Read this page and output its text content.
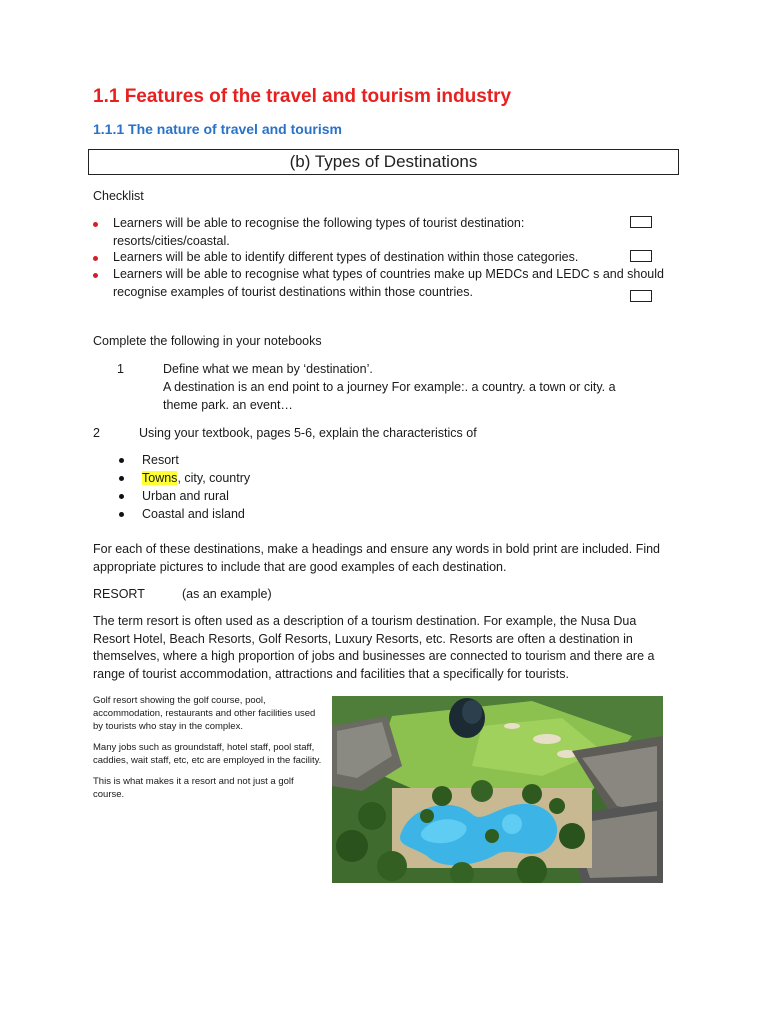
1.1 Features of the travel and tourism industry
1.1.1 The nature of travel and tourism
(b) Types of Destinations
Checklist
Learners will be able to recognise the following types of tourist destination: resorts/cities/coastal.
Learners will be able to identify different types of destination within those categories.
Learners will be able to recognise what types of countries make up MEDCs and LEDC s and should recognise examples of tourist destinations within those countries.
Complete the following in your notebooks
1	Define what we mean by ‘destination’.
A destination is an end point to a journey For example:. a country. a town or city. a theme park. an event…
2	Using your textbook, pages 5-6, explain the characteristics of
Resort
Towns, city, country
Urban and rural
Coastal and island
For each of these destinations, make a headings and ensure any words in bold print are included. Find appropriate pictures to include that are good examples of each destination.
RESORT	(as an example)
The term resort is often used as a description of a tourism destination. For example, the Nusa Dua Resort Hotel, Beach Resorts, Golf Resorts, Luxury Resorts, etc. Resorts are often a destination in themselves, where a high proportion of jobs and businesses are connected to tourism and there are a range of tourist accommodation, attractions and facilities that a specifically for tourists.
Golf resort showing the golf course, pool, accommodation, restaurants and other facilities used by tourists who stay in the complex.
Many jobs such as groundstaff, hotel staff, pool staff, caddies, wait staff, etc, etc are employed in the facility.
This is what makes it a resort and not just a golf course.
